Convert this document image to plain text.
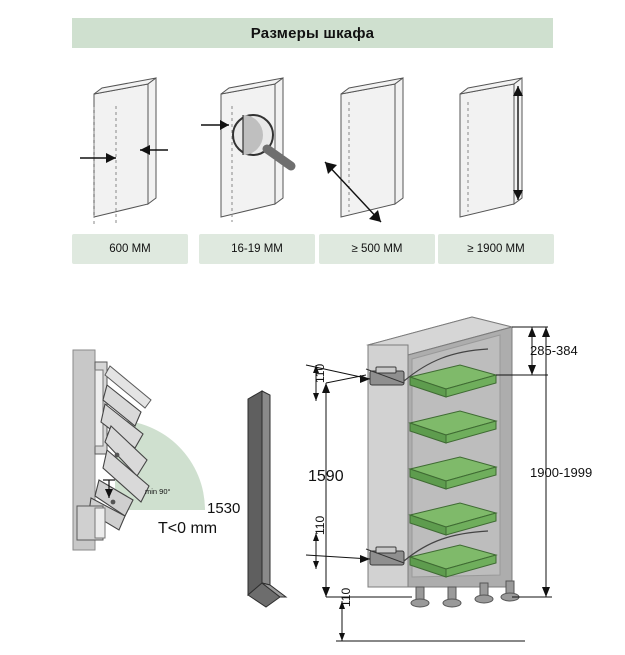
Размеры шкафа
600 ММ	16-19 ММ	≥ 500 ММ	≥ 1900 ММ
min 90°
T<0 mm
1530
285-384
1900-1999
1590
110
110
110
